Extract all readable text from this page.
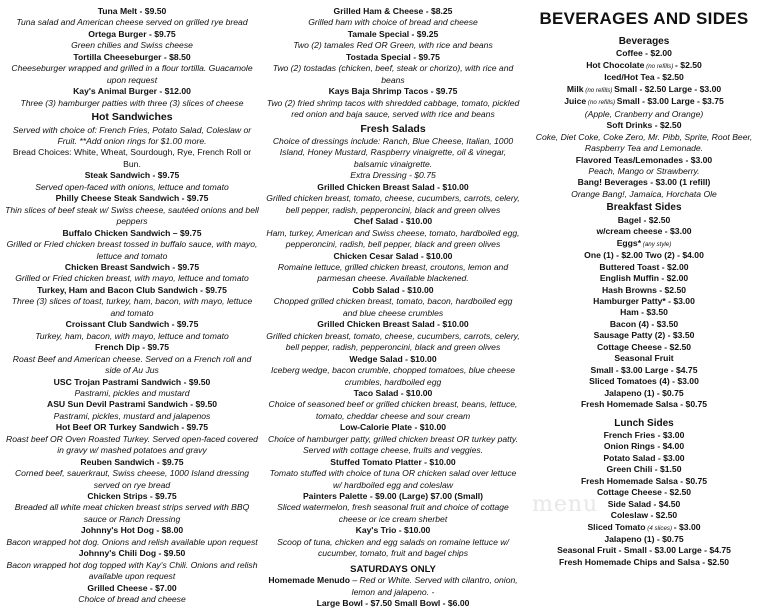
Tuna Melt - $9.50
Tuna salad and American cheese served on grilled rye bread
Ortega Burger - $9.75
Green chilies and Swiss cheese
Tortilla Cheeseburger - $8.50
Cheeseburger wrapped and grilled in a flour tortilla. Guacamole upon request
Kay's Animal Burger - $12.00
Three (3) hamburger patties with three (3) slices of cheese
Hot Sandwiches
Served with choice of: French Fries, Potato Salad, Coleslaw or Fruit. **Add onion rings for $1.00 more.
Bread Choices: White, Wheat, Sourdough, Rye, French Roll or Bun.
Steak Sandwich - $9.75
Served open-faced with onions, lettuce and tomato
Philly Cheese Steak Sandwich - $9.75
Thin slices of beef steak w/ Swiss cheese, sautéed onions and bell peppers
Buffalo Chicken Sandwich – $9.75
Grilled or Fried chicken breast tossed in buffalo sauce, with mayo, lettuce and tomato
Chicken Breast Sandwich - $9.75
Grilled or Fried chicken breast, with mayo, lettuce and tomato
Turkey, Ham and Bacon Club Sandwich - $9.75
Three (3) slices of toast, turkey, ham, bacon, with mayo, lettuce and tomato
Croissant Club Sandwich - $9.75
Turkey, ham, bacon, with mayo, lettuce and tomato
French Dip - $9.75
Roast Beef and American cheese. Served on a French roll and side of Au Jus
USC Trojan Pastrami Sandwich - $9.50
Pastrami, pickles and mustard
ASU Sun Devil Pastrami Sandwich - $9.50
Pastrami, pickles, mustard and jalapenos
Hot Beef OR Turkey Sandwich - $9.75
Roast beef OR Oven Roasted Turkey. Served open-faced covered in gravy w/ mashed potatoes and gravy
Reuben Sandwich - $9.75
Corned beef, sauerkraut, Swiss cheese, 1000 Island dressing served on rye bread
Chicken Strips - $9.75
Breaded all white meat chicken breast strips served with BBQ sauce or Ranch Dressing
Johnny's Hot Dog - $8.00
Bacon wrapped hot dog. Onions and relish available upon request
Johnny's Chili Dog - $9.50
Bacon wrapped hot dog topped with Kay's Chili. Onions and relish available upon request
Grilled Cheese - $7.00
Choice of bread and cheese
Grilled Ham & Cheese - $8.25
Grilled ham with choice of bread and cheese
Tamale Special - $9.25
Two (2) tamales Red OR Green, with rice and beans
Tostada Special - $9.75
Two (2) tostadas (chicken, beef, steak or chorizo), with rice and beans
Kays Baja Shrimp Tacos - $9.75
Two (2) fried shrimp tacos with shredded cabbage, tomato, pickled red onion and baja sauce, served with rice and beans
Fresh Salads
Choice of dressings include: Ranch, Blue Cheese, Italian, 1000 Island, Honey Mustard, Raspberry vinaigrette, oil & vinegar, balsamic vinaigrette.
Extra Dressing - $0.75
Grilled Chicken Breast Salad - $10.00
Grilled chicken breast, tomato, cheese, cucumbers, carrots, celery, bell pepper, radish, pepperoncini, black and green olives
Chef Salad - $10.00
Ham, turkey, American and Swiss cheese, tomato, hardboiled egg, pepperoncini, radish, bell pepper, black and green olives
Chicken Cesar Salad - $10.00
Romaine lettuce, grilled chicken breast, croutons, lemon and parmesan cheese. Available blackened.
Cobb Salad - $10.00
Chopped grilled chicken breast, tomato, bacon, hardboiled egg and blue cheese crumbles
Grilled Chicken Breast Salad - $10.00
Grilled chicken breast, tomato, cheese, cucumbers, carrots, celery, bell pepper, radish, pepperoncini, black and green olives
Wedge Salad - $10.00
Iceberg wedge, bacon crumble, chopped tomatoes, blue cheese crumbles, hardboiled egg
Taco Salad - $10.00
Choice of seasoned beef or grilled chicken breast, beans, lettuce, tomato, cheddar cheese and sour cream
Low-Calorie Plate - $10.00
Choice of hamburger patty, grilled chicken breast OR turkey patty. Served with cottage cheese, fruits and veggies.
Stuffed Tomato Platter - $10.00
Tomato stuffed with choice of tuna OR chicken salad over lettuce w/ hardboiled egg and coleslaw
Painters Palette - $9.00 (Large) $7.00 (Small)
Sliced watermelon, fresh seasonal fruit and choice of cottage cheese or ice cream sherbet
Kay's Trio - $10.00
Scoop of tuna, chicken and egg salads on romaine lettuce w/ cucumber, tomato, fruit and bagel chips
SATURDAYS ONLY
Homemade Menudo – Red or White. Served with cilantro, onion, lemon and jalapeno. -
Large Bowl - $7.50 Small Bowl - $6.00
BEVERAGES AND SIDES
Beverages
Coffee - $2.00
Hot Chocolate (no refills) - $2.50
Iced/Hot Tea - $2.50
Milk (no refills) Small - $2.50 Large - $3.00
Juice (no refills) Small - $3.00 Large - $3.75
(Apple, Cranberry and Orange)
Soft Drinks - $2.50
Coke, Diet Coke, Coke Zero, Mr. Pibb, Sprite, Root Beer, Raspberry Tea and Lemonade.
Flavored Teas/Lemonades - $3.00
Peach, Mango or Strawberry.
Bang! Beverages - $3.00 (1 refill)
Orange Bang!, Jamaica, Horchata Ole
Breakfast Sides
Bagel - $2.50
w/cream cheese - $3.00
Eggs* (any style)
One (1) - $2.00 Two (2) - $4.00
Buttered Toast - $2.00
English Muffin - $2.00
Hash Browns - $2.50
Hamburger Patty* - $3.00
Ham - $3.50
Bacon (4) - $3.50
Sausage Patty (2) - $3.50
Cottage Cheese - $2.50
Seasonal Fruit
Small - $3.00 Large - $4.75
Sliced Tomatoes (4) - $3.00
Jalapeno (1) - $0.75
Fresh Homemade Salsa - $0.75
Lunch Sides
French Fries - $3.00
Onion Rings - $4.00
Potato Salad - $3.00
Green Chili - $1.50
Fresh Homemade Salsa - $0.75
Cottage Cheese - $2.50
Side Salad - $4.50
Coleslaw - $2.50
Sliced Tomato (4 slices) - $3.00
Jalapeno (1) - $0.75
Seasonal Fruit - Small - $3.00 Large - $4.75
Fresh Homemade Chips and Salsa - $2.50
menu
